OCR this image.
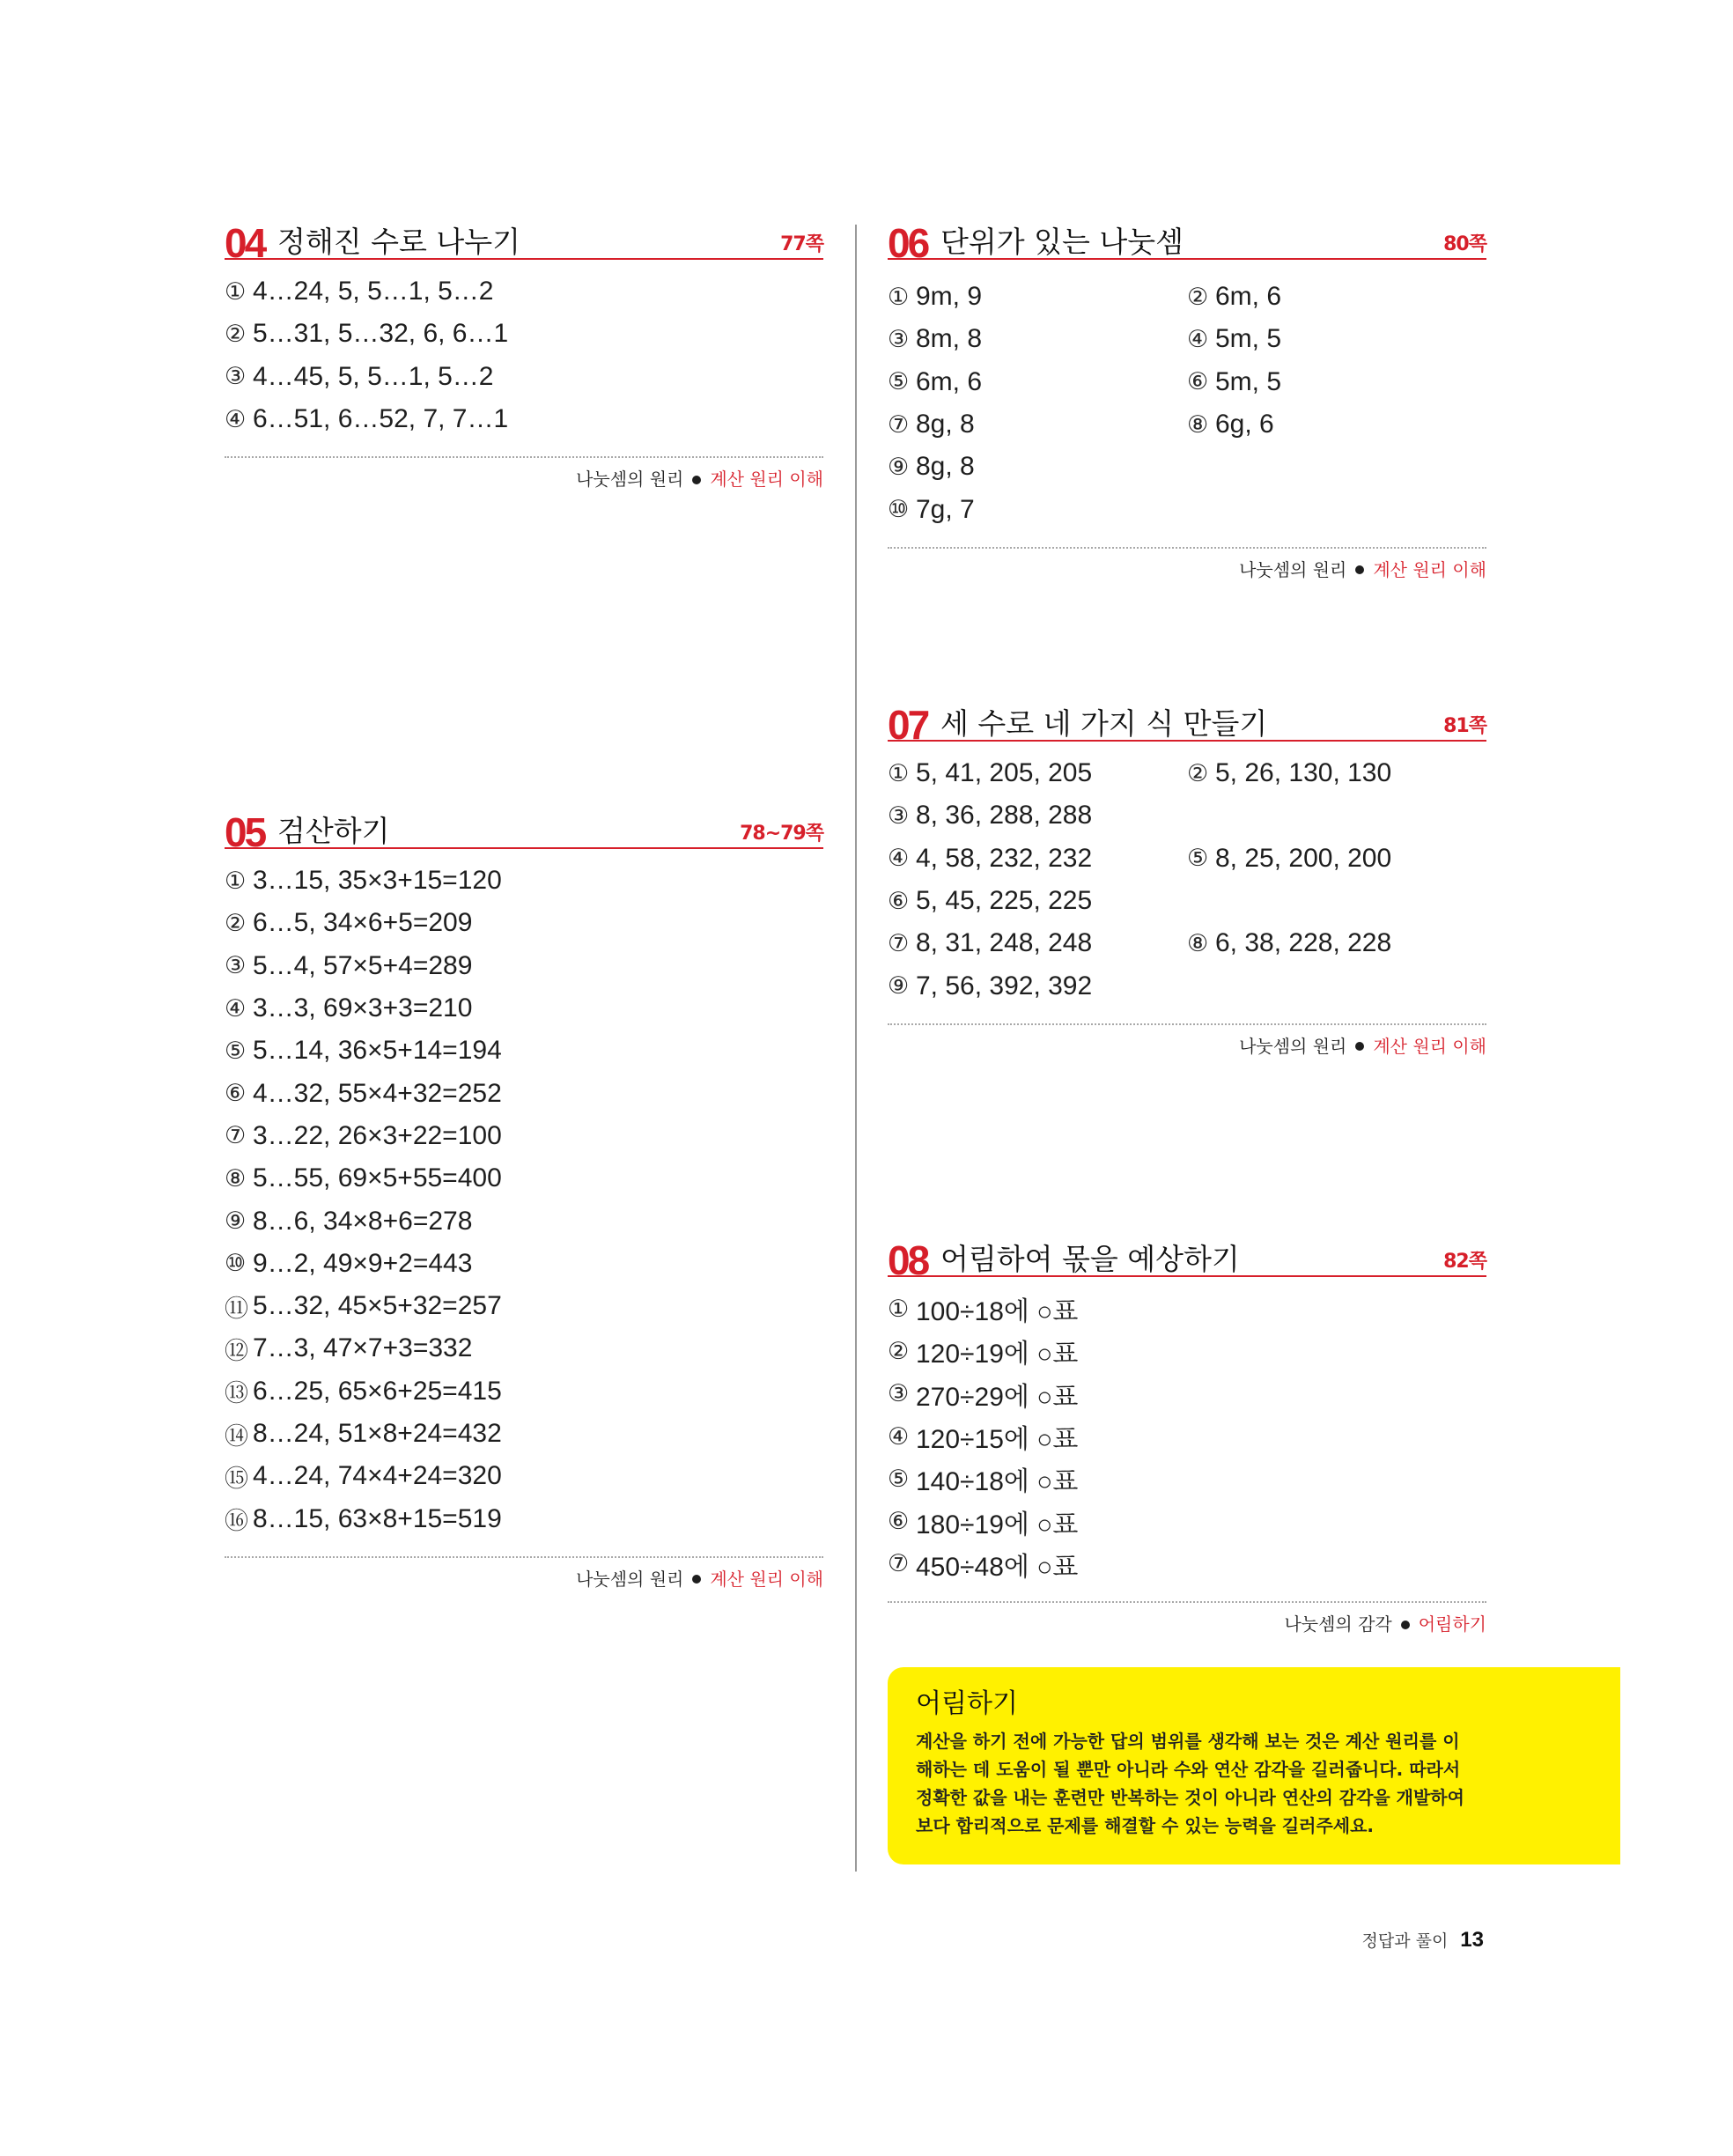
04 정해진 수로 나누기	77쪽
① 4…24, 5, 5…1, 5…2
② 5…31, 5…32, 6, 6…1
③ 4…45, 5, 5…1, 5…2
④ 6…51, 6…52, 7, 7…1
나눗셈의 원리 계산 원리 이해
05 검산하기	78~79쪽
① 3…15, 35×3+15=120
② 6…5, 34×6+5=209
③ 5…4, 57×5+4=289
④ 3…3, 69×3+3=210
⑤ 5…14, 36×5+14=194
⑥ 4…32, 55×4+32=252
⑦ 3…22, 26×3+22=100
⑧ 5…55, 69×5+55=400
⑨ 8…6, 34×8+6=278
⑩ 9…2, 49×9+2=443
⑪ 5…32, 45×5+32=257
⑫ 7…3, 47×7+3=332
⑬ 6…25, 65×6+25=415
⑭ 8…24, 51×8+24=432
⑮ 4…24, 74×4+24=320
⑯ 8…15, 63×8+15=519
나눗셈의 원리 계산 원리 이해
06 단위가 있는 나눗셈	80쪽
① 9m, 9	② 6m, 6
③ 8m, 8	④ 5m, 5
⑤ 6m, 6	⑥ 5m, 5
⑦ 8g, 8	⑧ 6g, 6
⑨ 8g, 8
⑩ 7g, 7
나눗셈의 원리 계산 원리 이해
07 세 수로 네 가지 식 만들기	81쪽
① 5, 41, 205, 205	② 5, 26, 130, 130
③ 8, 36, 288, 288
④ 4, 58, 232, 232	⑤ 8, 25, 200, 200
⑥ 5, 45, 225, 225
⑦ 8, 31, 248, 248	⑧ 6, 38, 228, 228
⑨ 7, 56, 392, 392
나눗셈의 원리 계산 원리 이해
08 어림하여 몫을 예상하기	82쪽
① 100÷18에 ○표
② 120÷19에 ○표
③ 270÷29에 ○표
④ 120÷15에 ○표
⑤ 140÷18에 ○표
⑥ 180÷19에 ○표
⑦ 450÷48에 ○표
나눗셈의 감각 어림하기
어림하기
계산을 하기 전에 가능한 답의 범위를 생각해 보는 것은 계산 원리를 이
해하는 데 도움이 될 뿐만 아니라 수와 연산 감각을 길러줍니다. 따라서
정확한 값을 내는 훈련만 반복하는 것이 아니라 연산의 감각을 개발하여
보다 합리적으로 문제를 해결할 수 있는 능력을 길러주세요.
정답과 풀이 13
